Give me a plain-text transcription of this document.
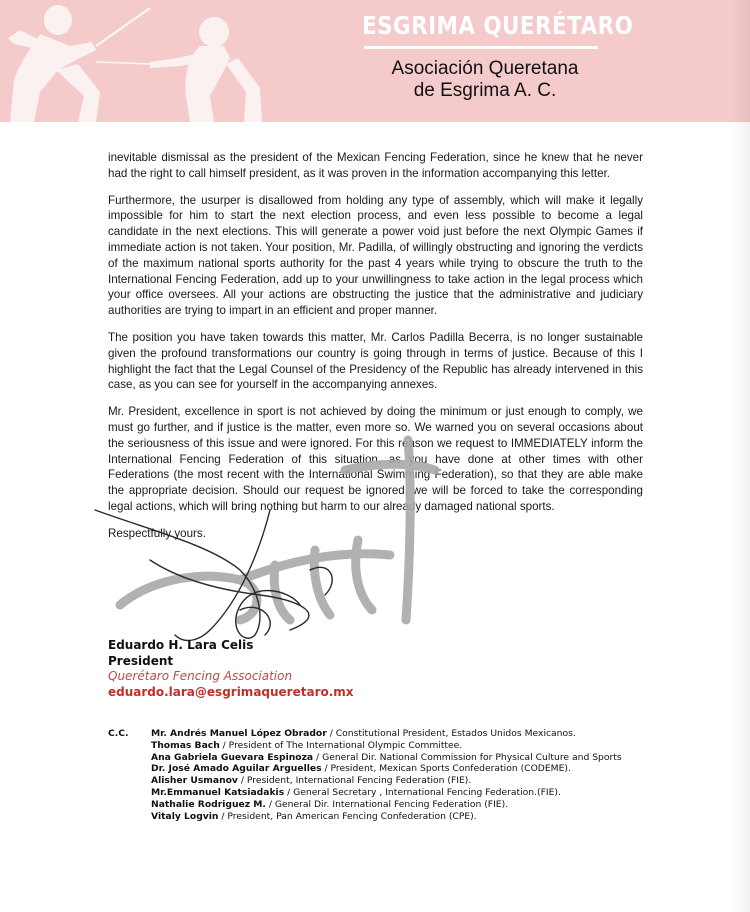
ESGRIMA QUERÉTARO
Asociación Queretana
de Esgrima A. C.

inevitable dismissal as the president of the Mexican Fencing Federation, since he knew that he never had the right to call himself president, as it was proven in the information accompanying this letter.

Furthermore, the usurper is disallowed from holding any type of assembly, which will make it legally impossible for him to start the next election process, and even less possible to become a legal candidate in the next elections. This will generate a power void just before the next Olympic Games if immediate action is not taken. Your position, Mr. Padilla, of willingly obstructing and ignoring the verdicts of the maximum national sports authority for the past 4 years while trying to obscure the truth to the International Fencing Federation, add up to your unwillingness to take action in the legal process which your office oversees. All your actions are obstructing the justice that the administrative and judiciary authorities are trying to impart in an efficient and proper manner.

The position you have taken towards this matter, Mr. Carlos Padilla Becerra, is no longer sustainable given the profound transformations our country is going through in terms of justice. Because of this I highlight the fact that the Legal Counsel of the Presidency of the Republic has already intervened in this case, as you can see for yourself in the accompanying annexes.

Mr. President, excellence in sport is not achieved by doing the minimum or just enough to comply, we must go further, and if justice is the matter, even more so. We warned you on several occasions about the seriousness of this issue and were ignored. For this reason we request to IMMEDIATELY inform the International Fencing Federation of this situation, as you have done at other times with other Federations (the most recent with the International Swimming Federation), so that they are able make the appropriate decision. Should our request be ignored, we will be forced to take the corresponding legal actions, which will bring nothing but harm to our already damaged national sports.

Respectfully yours.

Eduardo H. Lara Celis
President
Querétaro Fencing Association
eduardo.lara@esgrimaqueretaro.mx
C.C. Mr. Andrés Manuel López Obrador / Constitutional President, Estados Unidos Mexicanos.
Thomas Bach / President of The International Olympic Committee.
Ana Gabriela Guevara Espinoza / General Dir. National Commission for Physical Culture and Sports
Dr. José Amado Aguilar Arguelles / President, Mexican Sports Confederation (CODEME).
Alisher Usmanov / President, International Fencing Federation (FIE).
Mr.Emmanuel Katsiadakis / General Secretary , International Fencing Federation.(FIE).
Nathalie Rodriguez M. / General Dir. International Fencing Federation (FIE).
Vitaly Logvin / President, Pan American Fencing Confederation (CPE).
